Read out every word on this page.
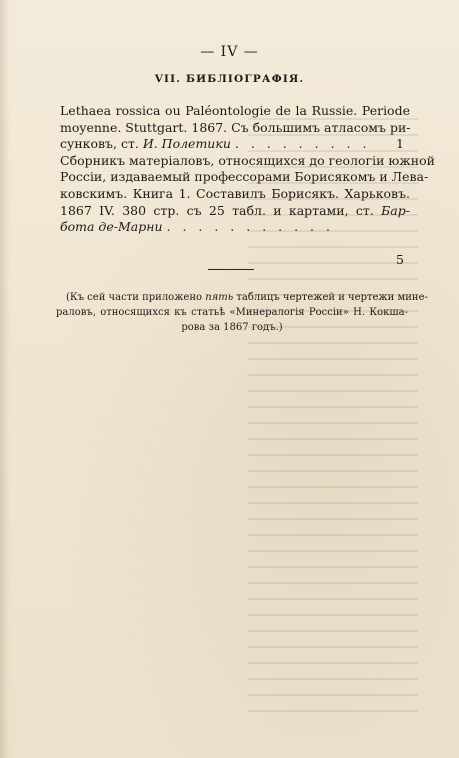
— IV —
VII. БИБЛIОГРАФIЯ.
Lethaea rossica ou Paléontologie de la Russie. Periode
moyenne. Stuttgart. 1867. Съ большимъ атласомъ ри-
сунковъ, ст. И. Полетики . . . . . . . . .
Сборникъ матерiаловъ, относящихся до геологiи южной
Россiи, издаваемый профессорами Борисякомъ и Лева-
ковскимъ. Книга 1. Составилъ Борисякъ. Харьковъ.
1867 IV. 380 стр. съ 25 табл. и картами, ст. Бар-
бота де-Марни . . . . . . . . . . .
1
5
(Къ сей части приложено пять таблицъ чертежей и чертежи мине-
раловъ, относящихся къ статьѣ «Минералогiя Россiи» Н. Кокша-
рова за 1867 годъ.)
